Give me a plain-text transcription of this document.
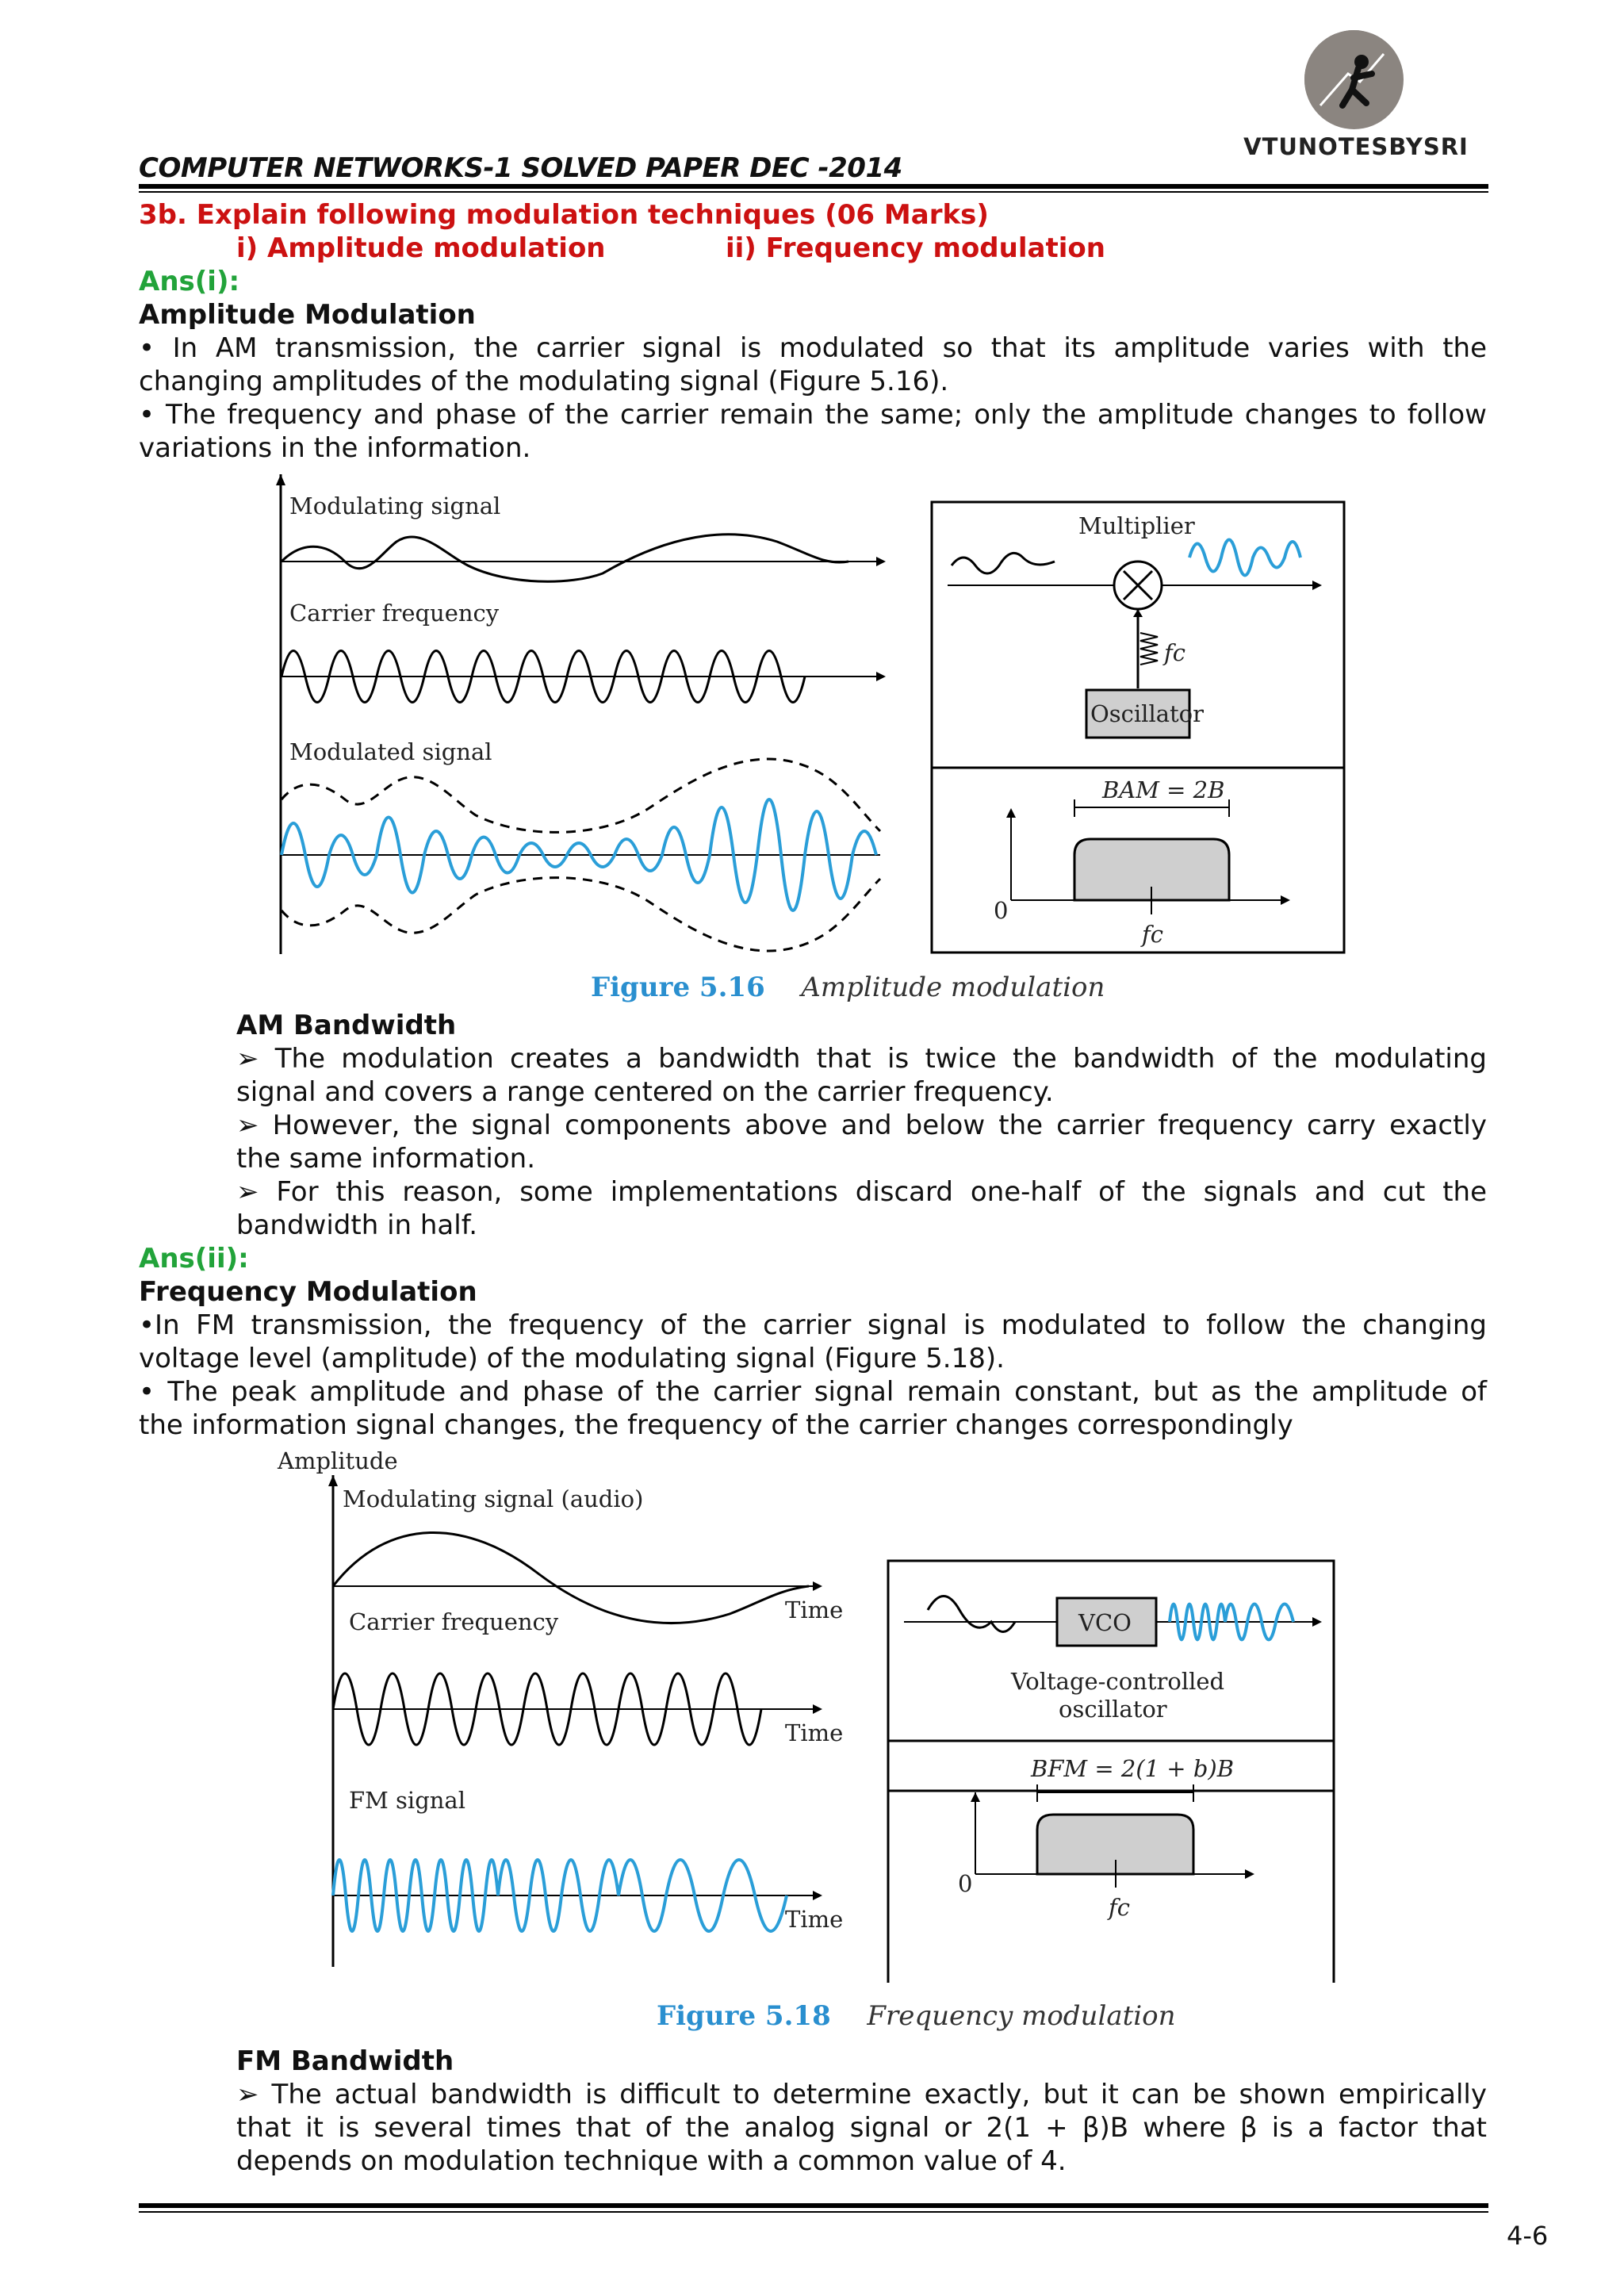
VTUNOTESBYSRI
COMPUTER NETWORKS-1 SOLVED PAPER DEC -2014
3b. Explain following modulation techniques (06 Marks)
i) Amplitude modulation	ii) Frequency modulation
Ans(i):
Amplitude Modulation
• In AM transmission, the carrier signal is modulated so that its amplitude varies with the
changing amplitudes of the modulating signal (Figure 5.16).
• The frequency and phase of the carrier remain the same; only the amplitude changes to follow
variations in the information.
Modulating signal
Carrier frequency
Modulated signal
Multiplier
fc
Oscillator
BAM = 2B
0
fc
Figure 5.16 Amplitude modulation
AM Bandwidth
➢ The modulation creates a bandwidth that is twice the bandwidth of the modulating
signal and covers a range centered on the carrier frequency.
➢ However, the signal components above and below the carrier frequency carry exactly
the same information.
➢ For this reason, some implementations discard one-half of the signals and cut the
bandwidth in half.
Ans(ii):
Frequency Modulation
•In FM transmission, the frequency of the carrier signal is modulated to follow the changing
voltage level (amplitude) of the modulating signal (Figure 5.18).
• The peak amplitude and phase of the carrier signal remain constant, but as the amplitude of
the information signal changes, the frequency of the carrier changes correspondingly
Amplitude
Modulating signal (audio)
Time
Carrier frequency
Time
FM signal
Time
VCO
Voltage-controlled
oscillator
BFM = 2(1 + b)B
0
fc
Figure 5.18 Frequency modulation
FM Bandwidth
➢ The actual bandwidth is difficult to determine exactly, but it can be shown empirically
that it is several times that of the analog signal or 2(1 + β)B where β is a factor that
depends on modulation technique with a common value of 4.
4-6
